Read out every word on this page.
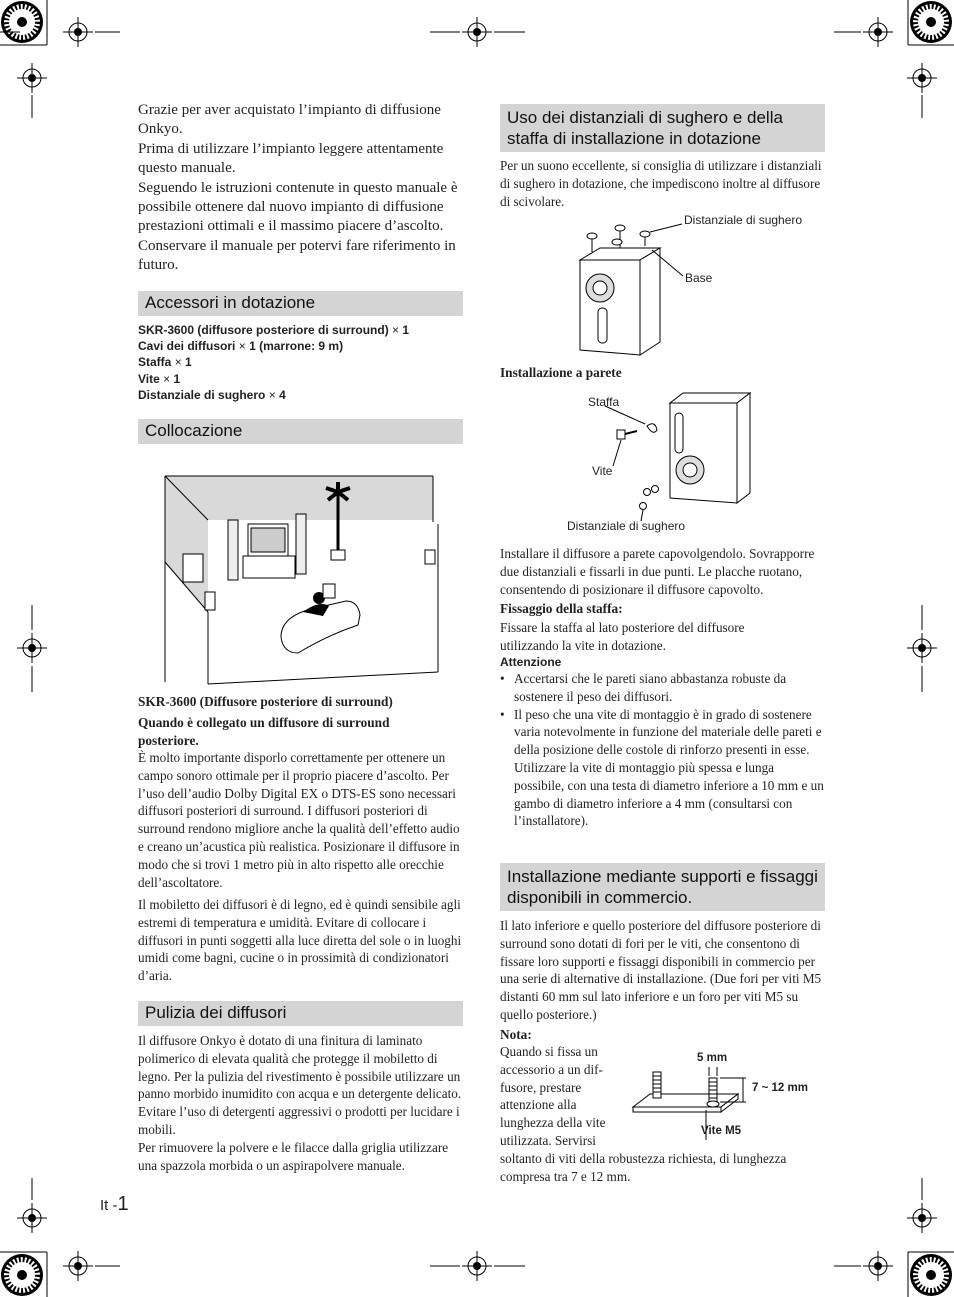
Grazie per aver acquistato l’impianto di diffusione Onkyo.

Prima di utilizzare l’impianto leggere attentamente questo manuale.

Seguendo le istruzioni contenute in questo manuale è possibile ottenere dal nuovo impianto di diffusione prestazioni ottimali e il massimo piacere d’ascolto.

Conservare il manuale per potervi fare riferimento in futuro.

Accessori in dotazione
SKR-3600 (diffusore posteriore di surround) × 1
Cavi dei diffusori × 1 (marrone: 9 m)
Staffa × 1
Vite × 1
Distanziale di sughero × 4
Collocazione

SKR-3600 (Diffusore posteriore di surround)

Quando è collegato un diffusore di surround posteriore.

È molto importante disporlo correttamente per ottenere un campo sonoro ottimale per il proprio piacere d’ascolto. Per l’uso dell’audio Dolby Digital EX o DTS-ES sono necessari diffusori posteriori di surround. I diffusori posteriori di surround rendono migliore anche la qualità dell’effetto audio e creano un’acustica più realistica. Posizionare il diffusore in modo che si trovi 1 metro più in alto rispetto alle orecchie dell’ascoltatore.

Il mobiletto dei diffusori è di legno, ed è quindi sensibile agli estremi di temperatura e umidità. Evitare di collocare i diffusori in punti soggetti alla luce diretta del sole o in luoghi umidi come bagni, cucine o in prossimità di condizionatori d’aria.

Pulizia dei diffusori

Il diffusore Onkyo è dotato di una finitura di laminato polimerico di elevata qualità che protegge il mobiletto di legno. Per la pulizia del rivestimento è possibile utilizzare un panno morbido inumidito con acqua e un detergente delicato. Evitare l’uso di detergenti aggressivi o prodotti per lucidare i mobili.

Per rimuovere la polvere e le filacce dalla griglia utilizzare una spazzola morbida o un aspirapolvere manuale.

It -1
Uso dei distanziali di sughero e della staffa di installazione in dotazione

Per un suono eccellente, si consiglia di utilizzare i distanziali di sughero in dotazione, che impediscono inoltre al diffusore di scivolare.

Distanziale di sughero
Base

Installazione a parete

Staffa
Vite
Distanziale di sughero

Installare il diffusore a parete capovolgendolo. Sovrapporre due distanziali e fissarli in due punti. Le placche ruotano, consentendo di posizionare il diffusore capovolto.

Fissaggio della staffa:

Fissare la staffa al lato posteriore del diffusore utilizzando la vite in dotazione.

Attenzione

• Accertarsi che le pareti siano abbastanza robuste da sostenere il peso dei diffusori.
• Il peso che una vite di montaggio è in grado di sostenere varia notevolmente in funzione del materiale delle pareti e della posizione delle costole di rinforzo presenti in esse. Utilizzare la vite di montaggio più spessa e lunga possibile, con una testa di diametro inferiore a 10 mm e un gambo di diametro inferiore a 4 mm (consultarsi con l’installatore).
Installazione mediante supporti e fissaggi disponibili in commercio.

Il lato inferiore e quello posteriore del diffusore posteriore di surround sono dotati di fori per le viti, che consentono di fissare loro supporti e fissaggi disponibili in commercio per una serie di alternative di installazione. (Due fori per viti M5 distanti 60 mm sul lato inferiore e un foro per viti M5 su quello posteriore.)

Nota:

Quando si fissa un
accessorio a un dif-
fusore, prestare
attenzione alla
lunghezza della vite
utilizzata. Servirsi

soltanto di viti della robustezza richiesta, di lunghezza compresa tra 7 e 12 mm.

5 mm
7 ~ 12 mm
Vite M5
